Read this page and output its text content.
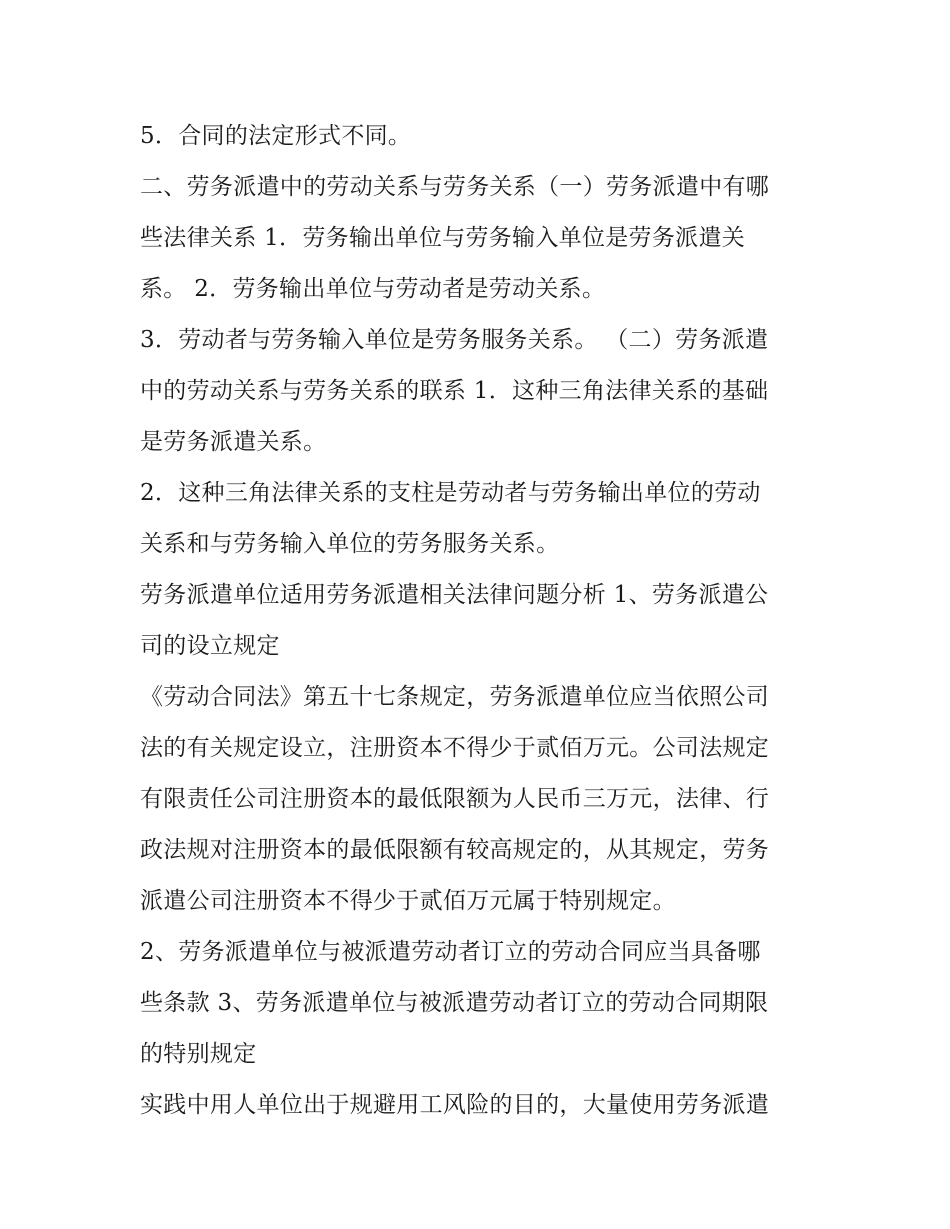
5．合同的法定形式不同。

二、劳务派遣中的劳动关系与劳务关系（一）劳务派遣中有哪
些法律关系 1．劳务输出单位与劳务输入单位是劳务派遣关
系。 2．劳务输出单位与劳动者是劳动关系。

3．劳动者与劳务输入单位是劳务服务关系。 （二）劳务派遣
中的劳动关系与劳务关系的联系 1．这种三角法律关系的基础
是劳务派遣关系。

2．这种三角法律关系的支柱是劳动者与劳务输出单位的劳动
关系和与劳务输入单位的劳务服务关系。

劳务派遣单位适用劳务派遣相关法律问题分析 1、劳务派遣公
司的设立规定

《劳动合同法》第五十七条规定，劳务派遣单位应当依照公司
法的有关规定设立，注册资本不得少于贰佰万元。公司法规定
有限责任公司注册资本的最低限额为人民币三万元，法律、行
政法规对注册资本的最低限额有较高规定的，从其规定，劳务
派遣公司注册资本不得少于贰佰万元属于特别规定。

2、劳务派遣单位与被派遣劳动者订立的劳动合同应当具备哪
些条款 3、劳务派遣单位与被派遣劳动者订立的劳动合同期限
的特别规定

实践中用人单位出于规避用工风险的目的，大量使用劳务派遣
